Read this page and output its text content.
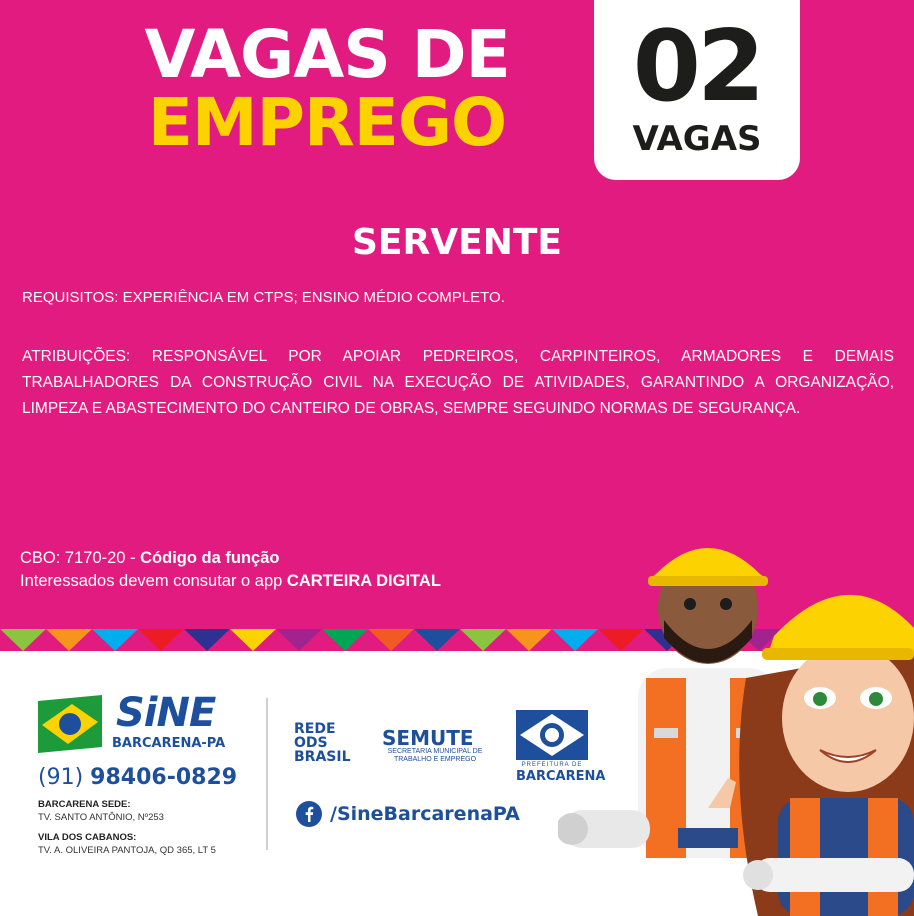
VAGAS DE
EMPREGO	02
VAGAS
SERVENTE
REQUISITOS: EXPERIÊNCIA EM CTPS; ENSINO MÉDIO COMPLETO.
ATRIBUIÇÕES: RESPONSÁVEL POR APOIAR PEDREIROS, CARPINTEIROS, ARMADORES E DEMAIS TRABALHADORES DA CONSTRUÇÃO CIVIL NA EXECUÇÃO DE ATIVIDADES, GARANTINDO A ORGANIZAÇÃO, LIMPEZA E ABASTECIMENTO DO CANTEIRO DE OBRAS, SEMPRE SEGUINDO NORMAS DE SEGURANÇA.
CBO: 7170-20 - Código da função
Interessados devem consutar o app CARTEIRA DIGITAL
SiNE
BARCARENA-PA
(91) 98406-0829
BARCARENA SEDE:
TV. SANTO ANTÔNIO, Nº253
VILA DOS CABANOS:
TV. A. OLIVEIRA PANTOJA, QD 365, LT 5
REDE
ODS
BRASIL
SEMUTE
SECRETARIA MUNICIPAL DE TRABALHO E EMPREGO
PREFEITURA DE
BARCARENA
/SineBarcarenaPA
